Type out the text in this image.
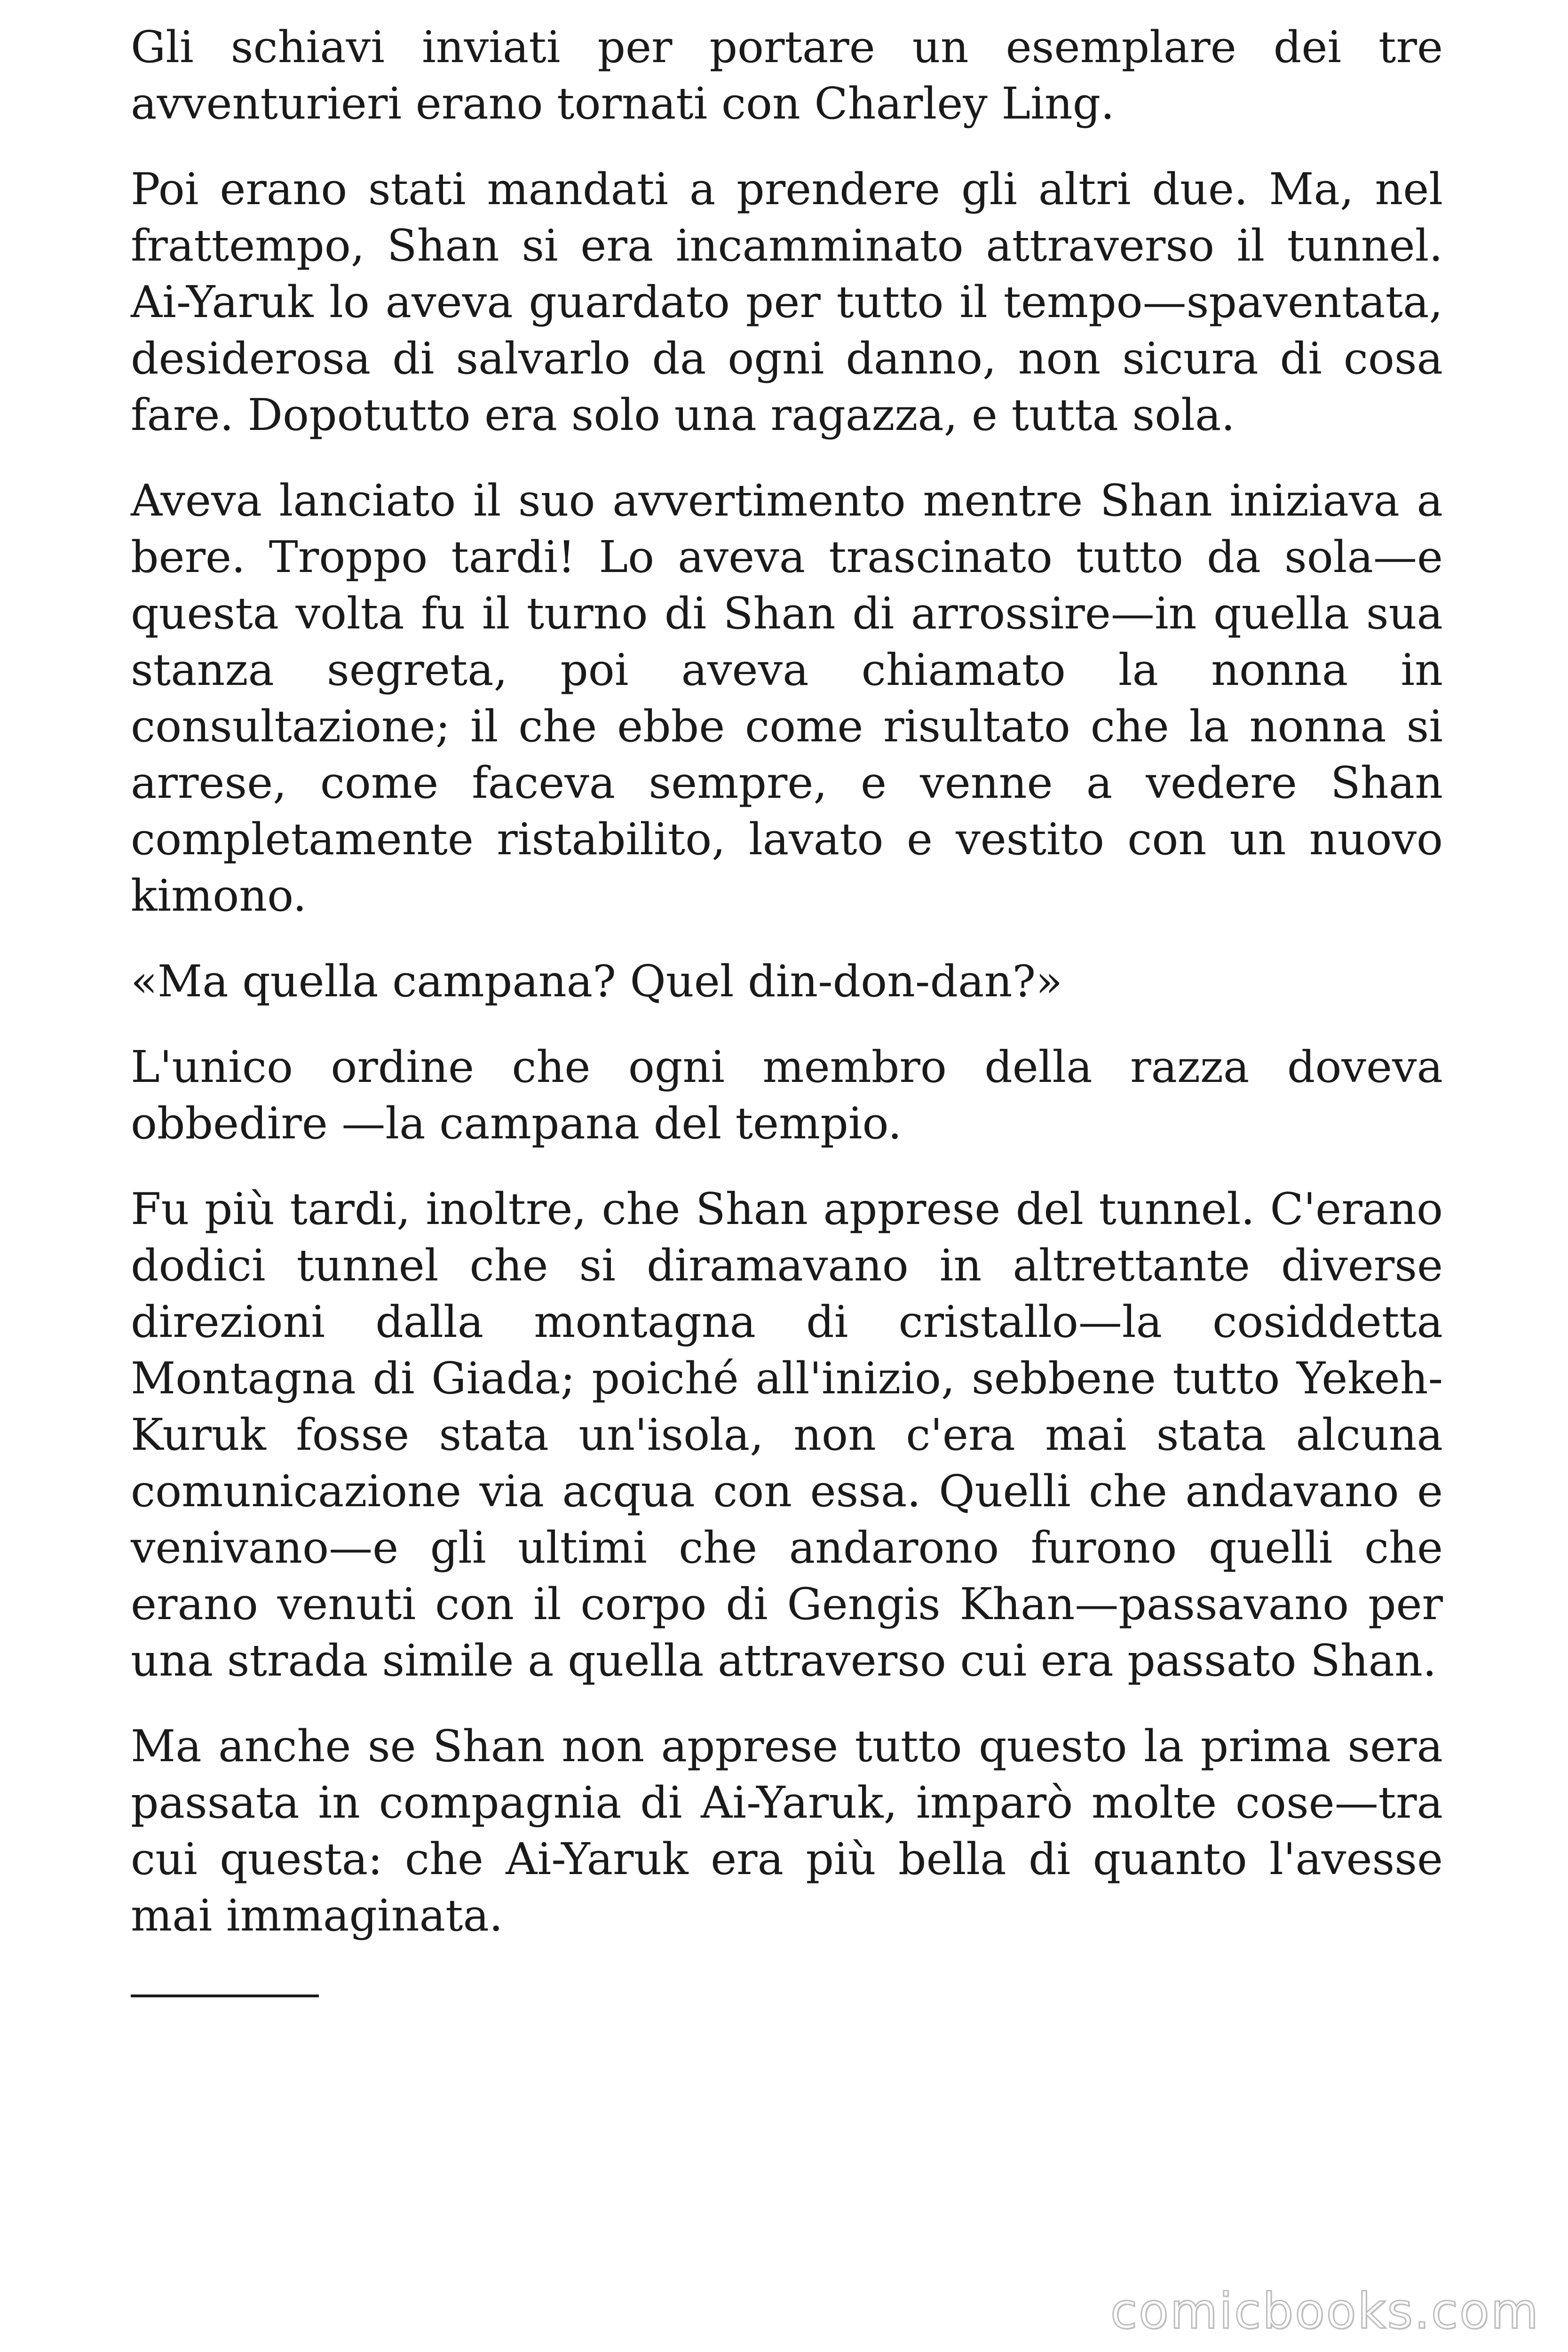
Gli schiavi inviati per portare un esemplare dei tre avventurieri erano tornati con Charley Ling.

Poi erano stati mandati a prendere gli altri due. Ma, nel frattempo, Shan si era incamminato attraverso il tunnel. Ai-Yaruk lo aveva guardato per tutto il tempo—spaventata, desiderosa di salvarlo da ogni danno, non sicura di cosa fare. Dopotutto era solo una ragazza, e tutta sola.

Aveva lanciato il suo avvertimento mentre Shan iniziava a bere. Troppo tardi! Lo aveva trascinato tutto da sola—e questa volta fu il turno di Shan di arrossire—in quella sua stanza segreta, poi aveva chiamato la nonna in consultazione; il che ebbe come risultato che la nonna si arrese, come faceva sempre, e venne a vedere Shan completamente ristabilito, lavato e vestito con un nuovo kimono.

«Ma quella campana? Quel din-don-dan?»

L'unico ordine che ogni membro della razza doveva obbedire —la campana del tempio.

Fu più tardi, inoltre, che Shan apprese del tunnel. C'erano dodici tunnel che si diramavano in altrettante diverse direzioni dalla montagna di cristallo—la cosiddetta Montagna di Giada; poiché all'inizio, sebbene tutto Yekeh-Kuruk fosse stata un'isola, non c'era mai stata alcuna comunicazione via acqua con essa. Quelli che andavano e venivano—e gli ultimi che andarono furono quelli che erano venuti con il corpo di Gengis Khan—passavano per una strada simile a quella attraverso cui era passato Shan.

Ma anche se Shan non apprese tutto questo la prima sera passata in compagnia di Ai-Yaruk, imparò molte cose—tra cui questa: che Ai-Yaruk era più bella di quanto l'avesse mai immaginata.

comicbooks.com
